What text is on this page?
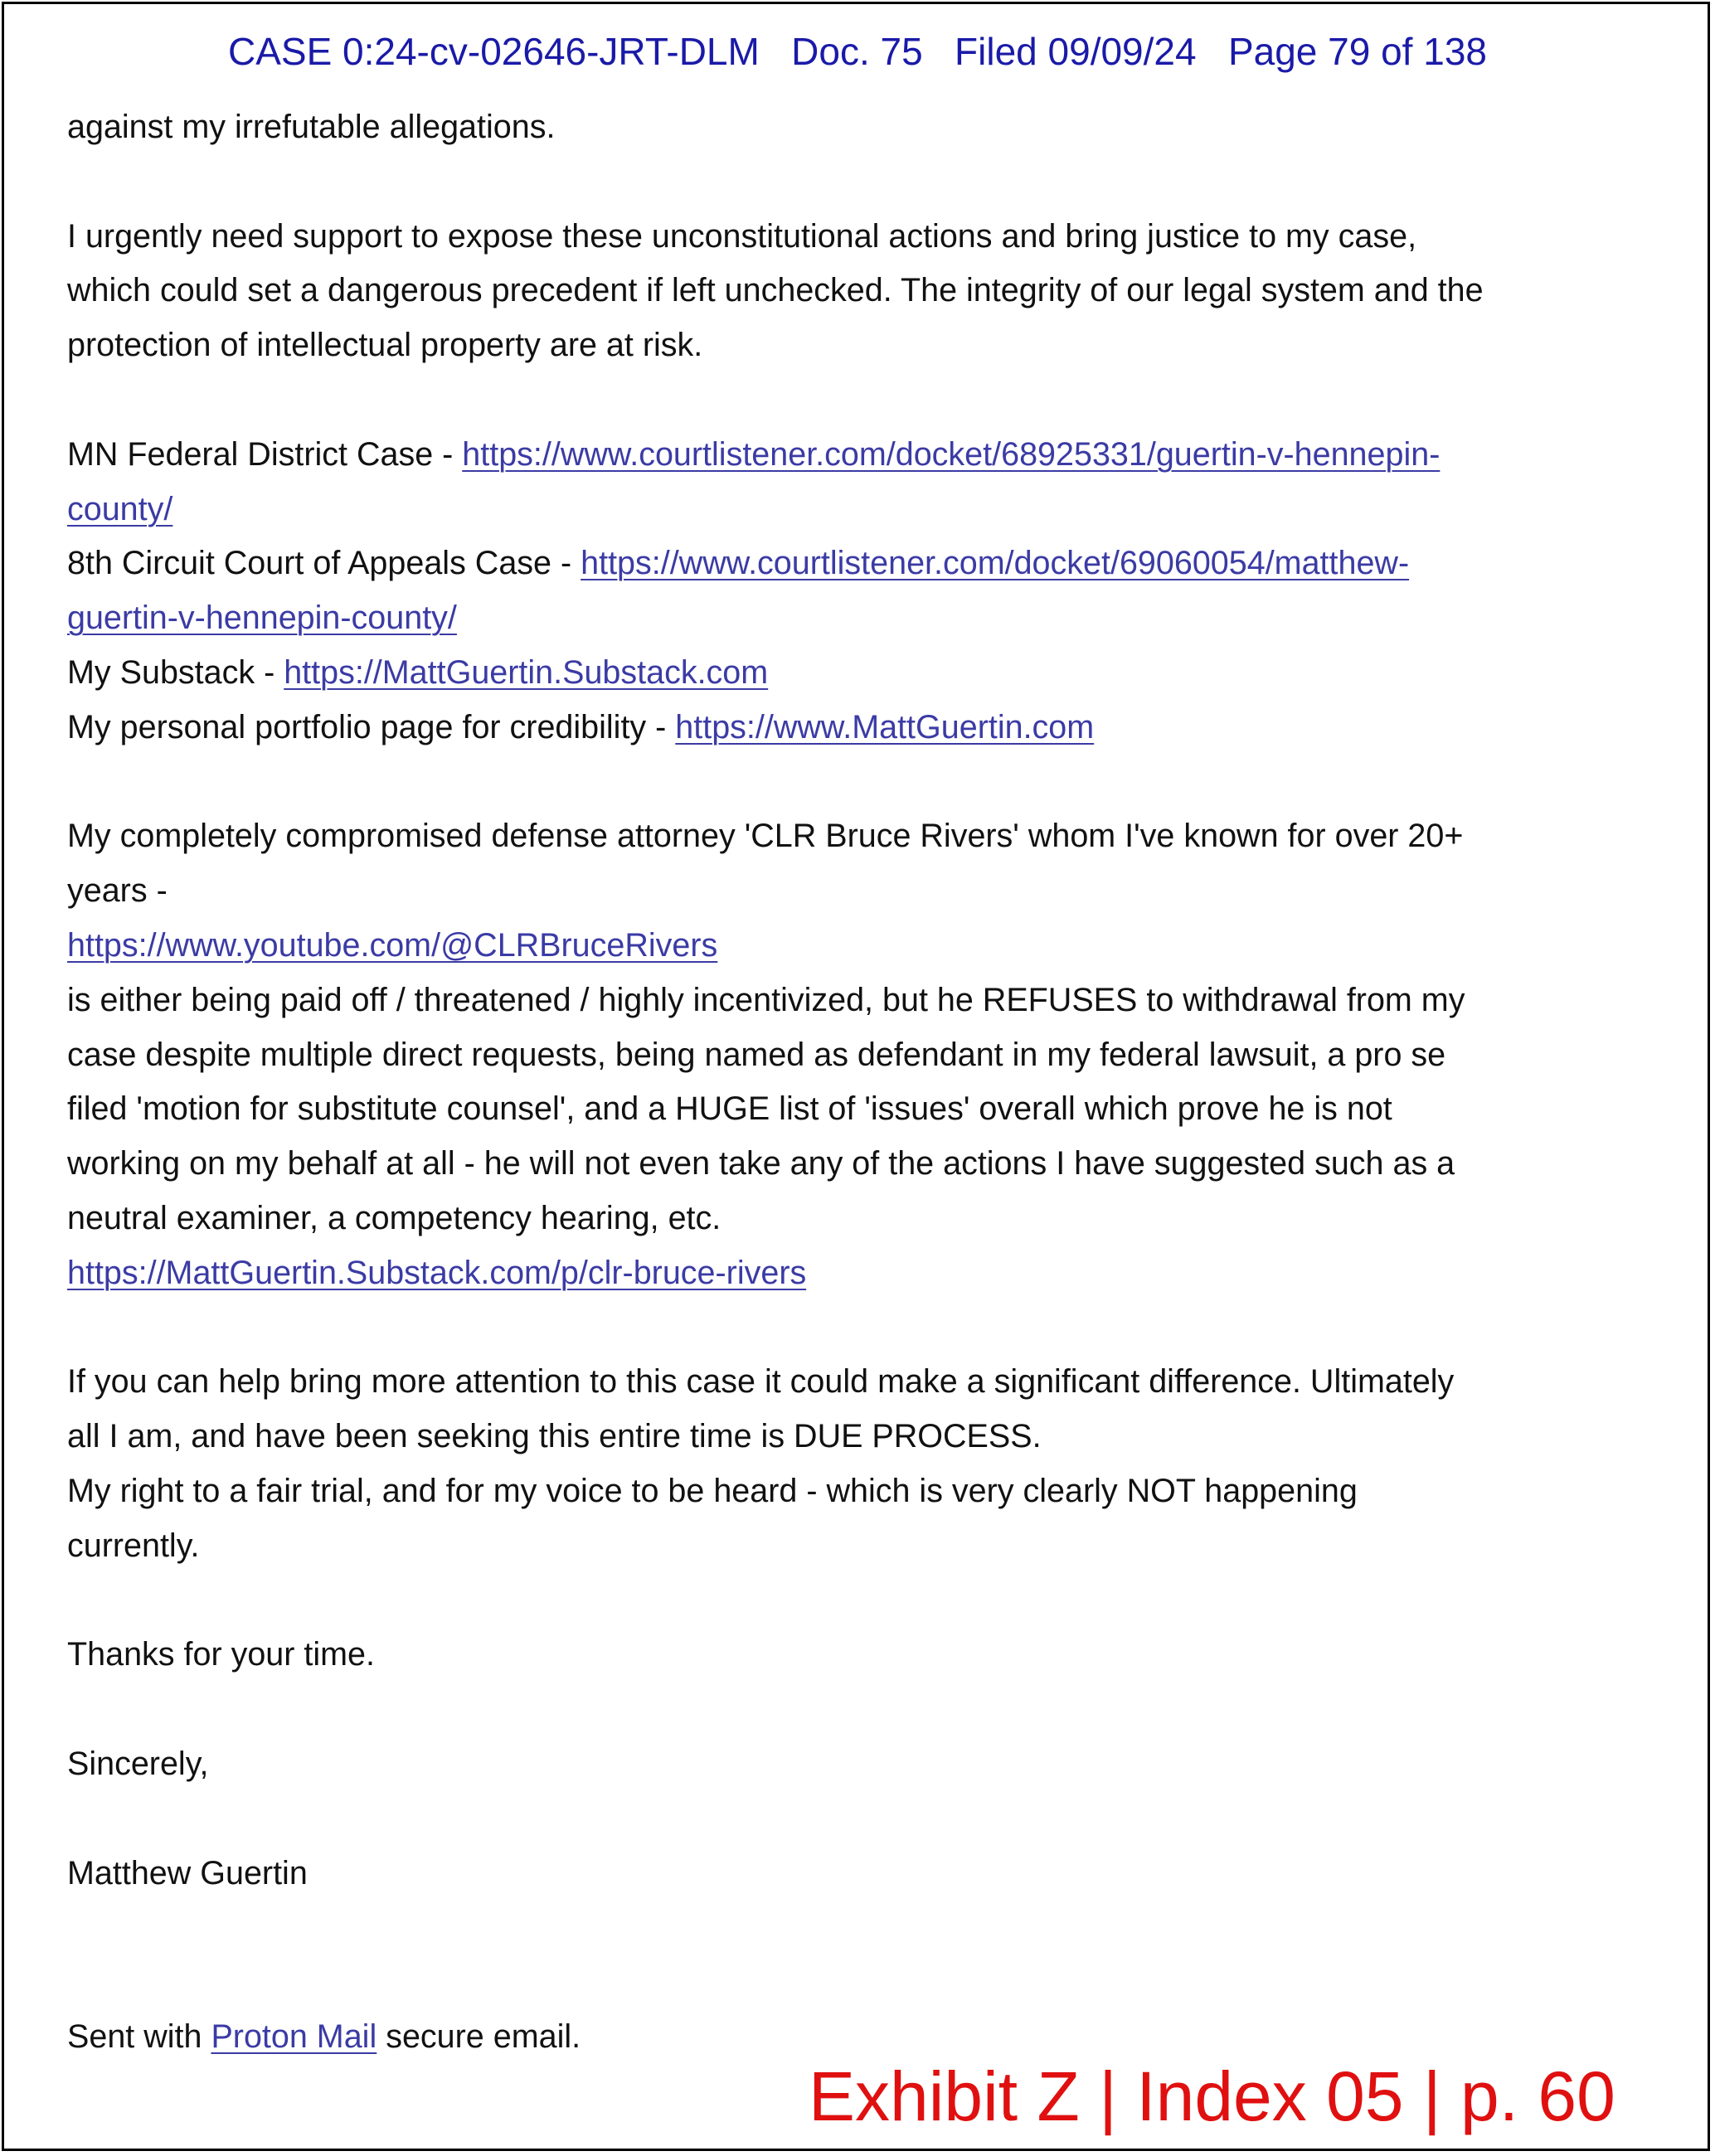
CASE 0:24-cv-02646-JRT-DLM Doc. 75 Filed 09/09/24 Page 79 of 138
against my irrefutable allegations.
I urgently need support to expose these unconstitutional actions and bring justice to my case,
which could set a dangerous precedent if left unchecked. The integrity of our legal system and the
protection of intellectual property are at risk.
MN Federal District Case - https://www.courtlistener.com/docket/68925331/guertin-v-hennepin-
county/
8th Circuit Court of Appeals Case - https://www.courtlistener.com/docket/69060054/matthew-
guertin-v-hennepin-county/
My Substack - https://MattGuertin.Substack.com
My personal portfolio page for credibility - https://www.MattGuertin.com
My completely compromised defense attorney 'CLR Bruce Rivers' whom I've known for over 20+
years -
https://www.youtube.com/@CLRBruceRivers
is either being paid off / threatened / highly incentivized, but he REFUSES to withdrawal from my
case despite multiple direct requests, being named as defendant in my federal lawsuit, a pro se
filed 'motion for substitute counsel', and a HUGE list of 'issues' overall which prove he is not
working on my behalf at all - he will not even take any of the actions I have suggested such as a
neutral examiner, a competency hearing, etc.
https://MattGuertin.Substack.com/p/clr-bruce-rivers
If you can help bring more attention to this case it could make a significant difference. Ultimately
all I am, and have been seeking this entire time is DUE PROCESS.
My right to a fair trial, and for my voice to be heard - which is very clearly NOT happening
currently.
Thanks for your time.
Sincerely,
Matthew Guertin
Sent with Proton Mail secure email.
Exhibit Z | Index 05 | p. 60
